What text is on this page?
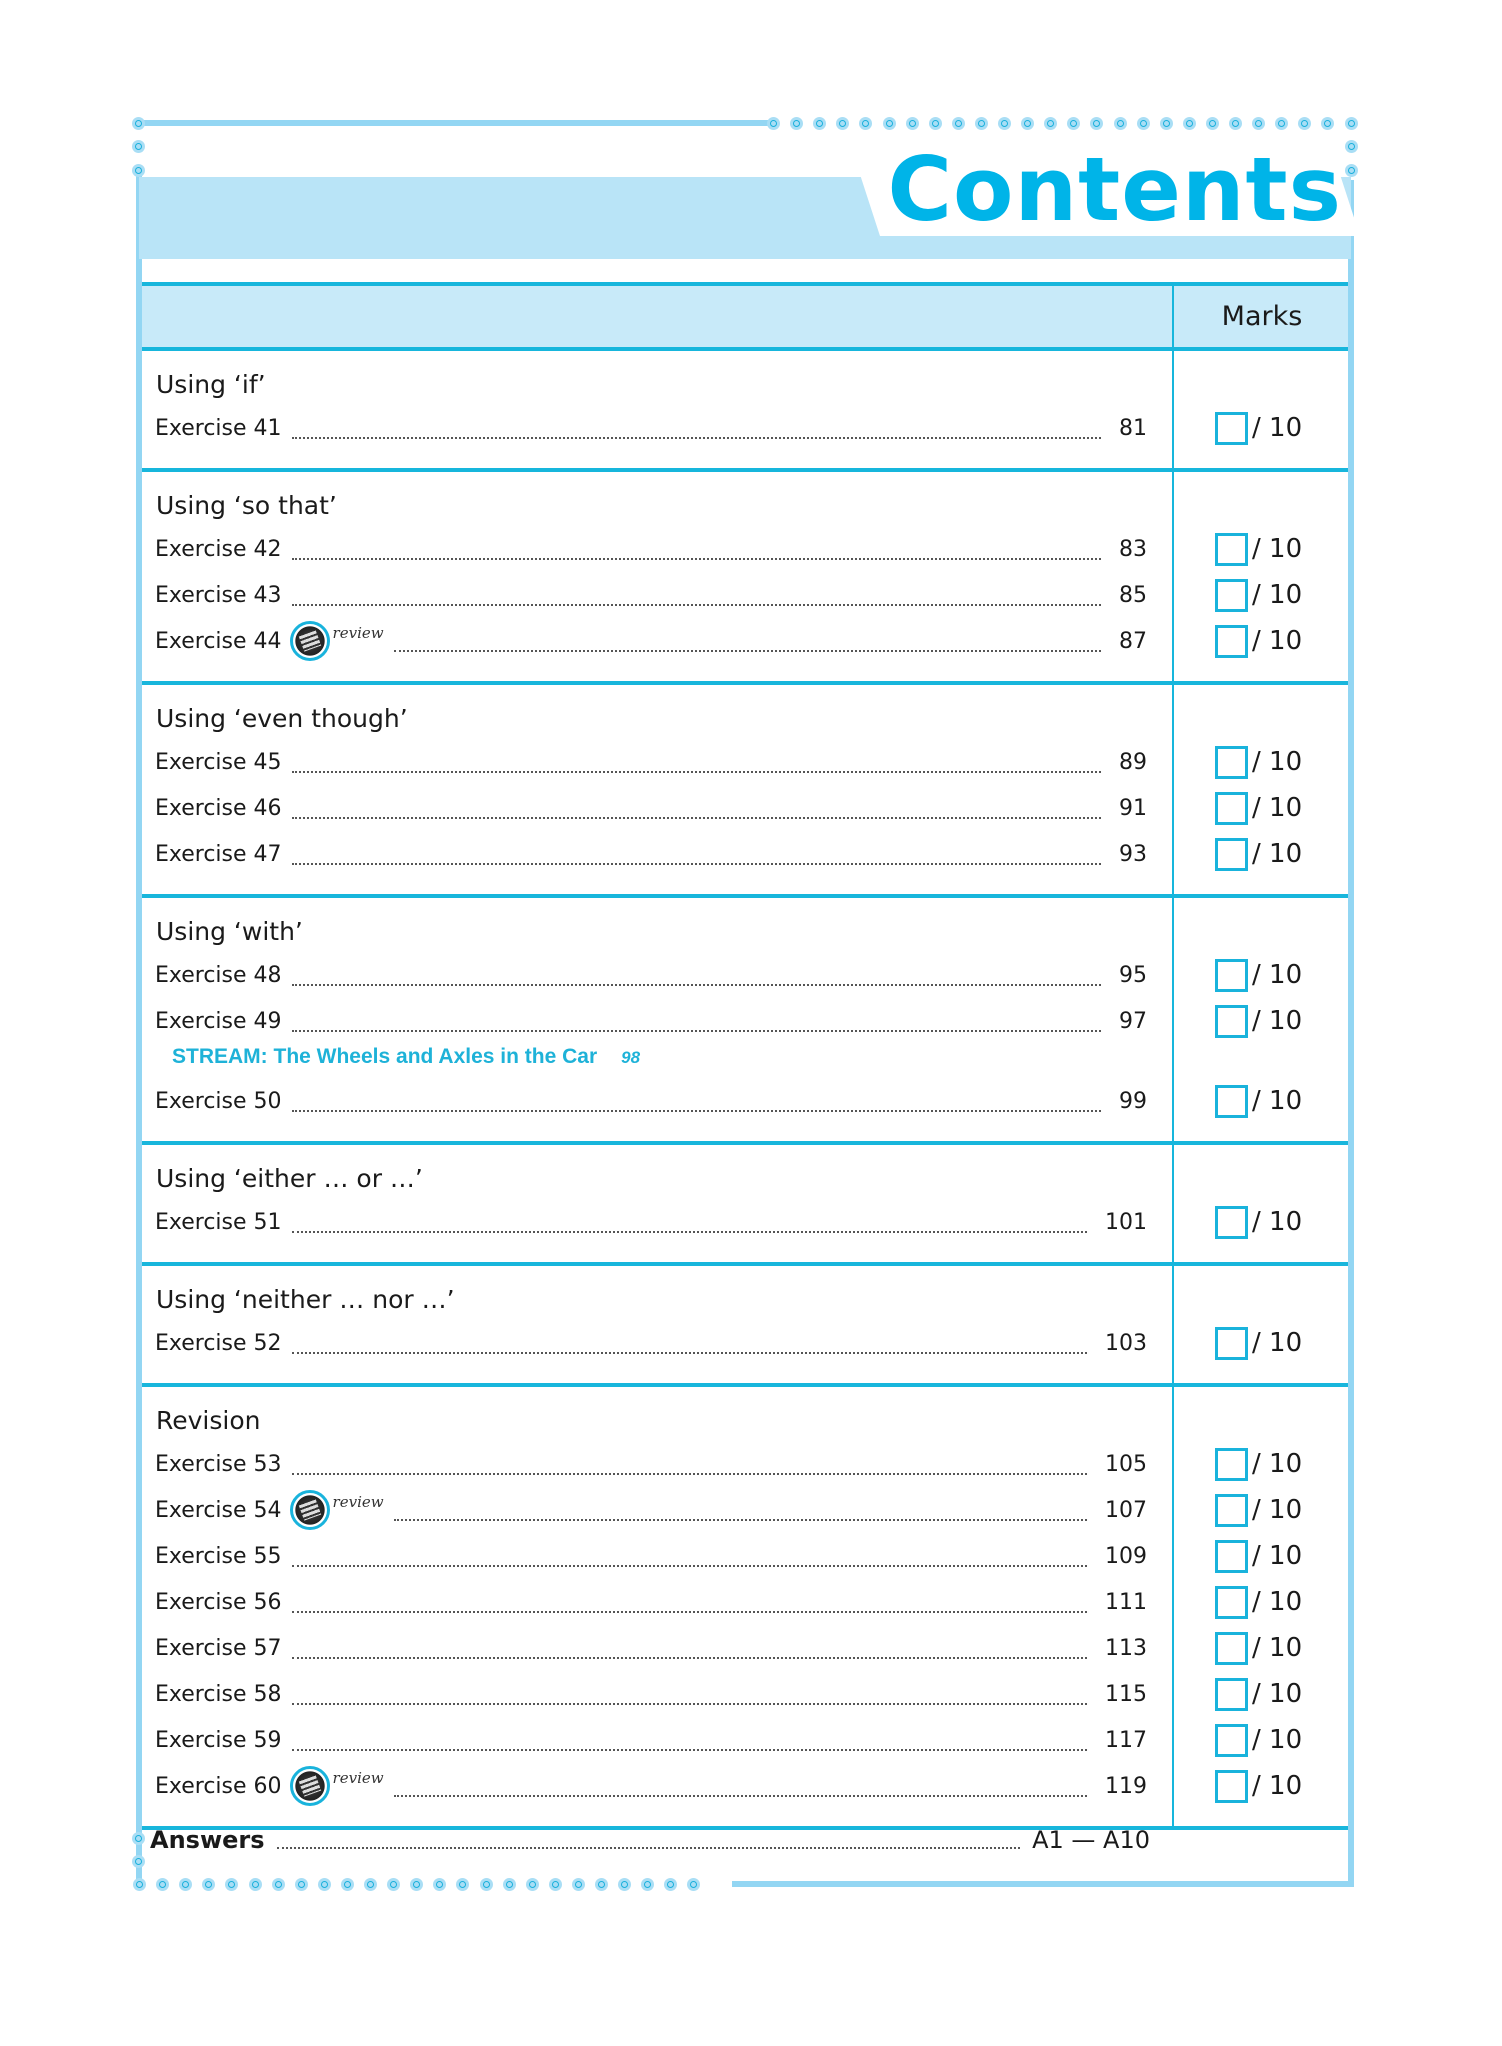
Contents
Marks
Using ‘if’
Exercise 41	81	/ 10
Using ‘so that’
Exercise 42	83	/ 10
Exercise 43	85	/ 10
Exercise 44	review	87	/ 10
Using ‘even though’
Exercise 45	89	/ 10
Exercise 46	91	/ 10
Exercise 47	93	/ 10
Using ‘with’
Exercise 48	95	/ 10
Exercise 49	97	/ 10
STREAM: The Wheels and Axles in the Car 98
Exercise 50	99	/ 10
Using ‘either … or …’
Exercise 51	101	/ 10
Using ‘neither … nor …’
Exercise 52	103	/ 10
Revision
Exercise 53	105	/ 10
Exercise 54	review	107	/ 10
Exercise 55	109	/ 10
Exercise 56	111	/ 10
Exercise 57	113	/ 10
Exercise 58	115	/ 10
Exercise 59	117	/ 10
Exercise 60	review	119	/ 10
Answers	A1 — A10
